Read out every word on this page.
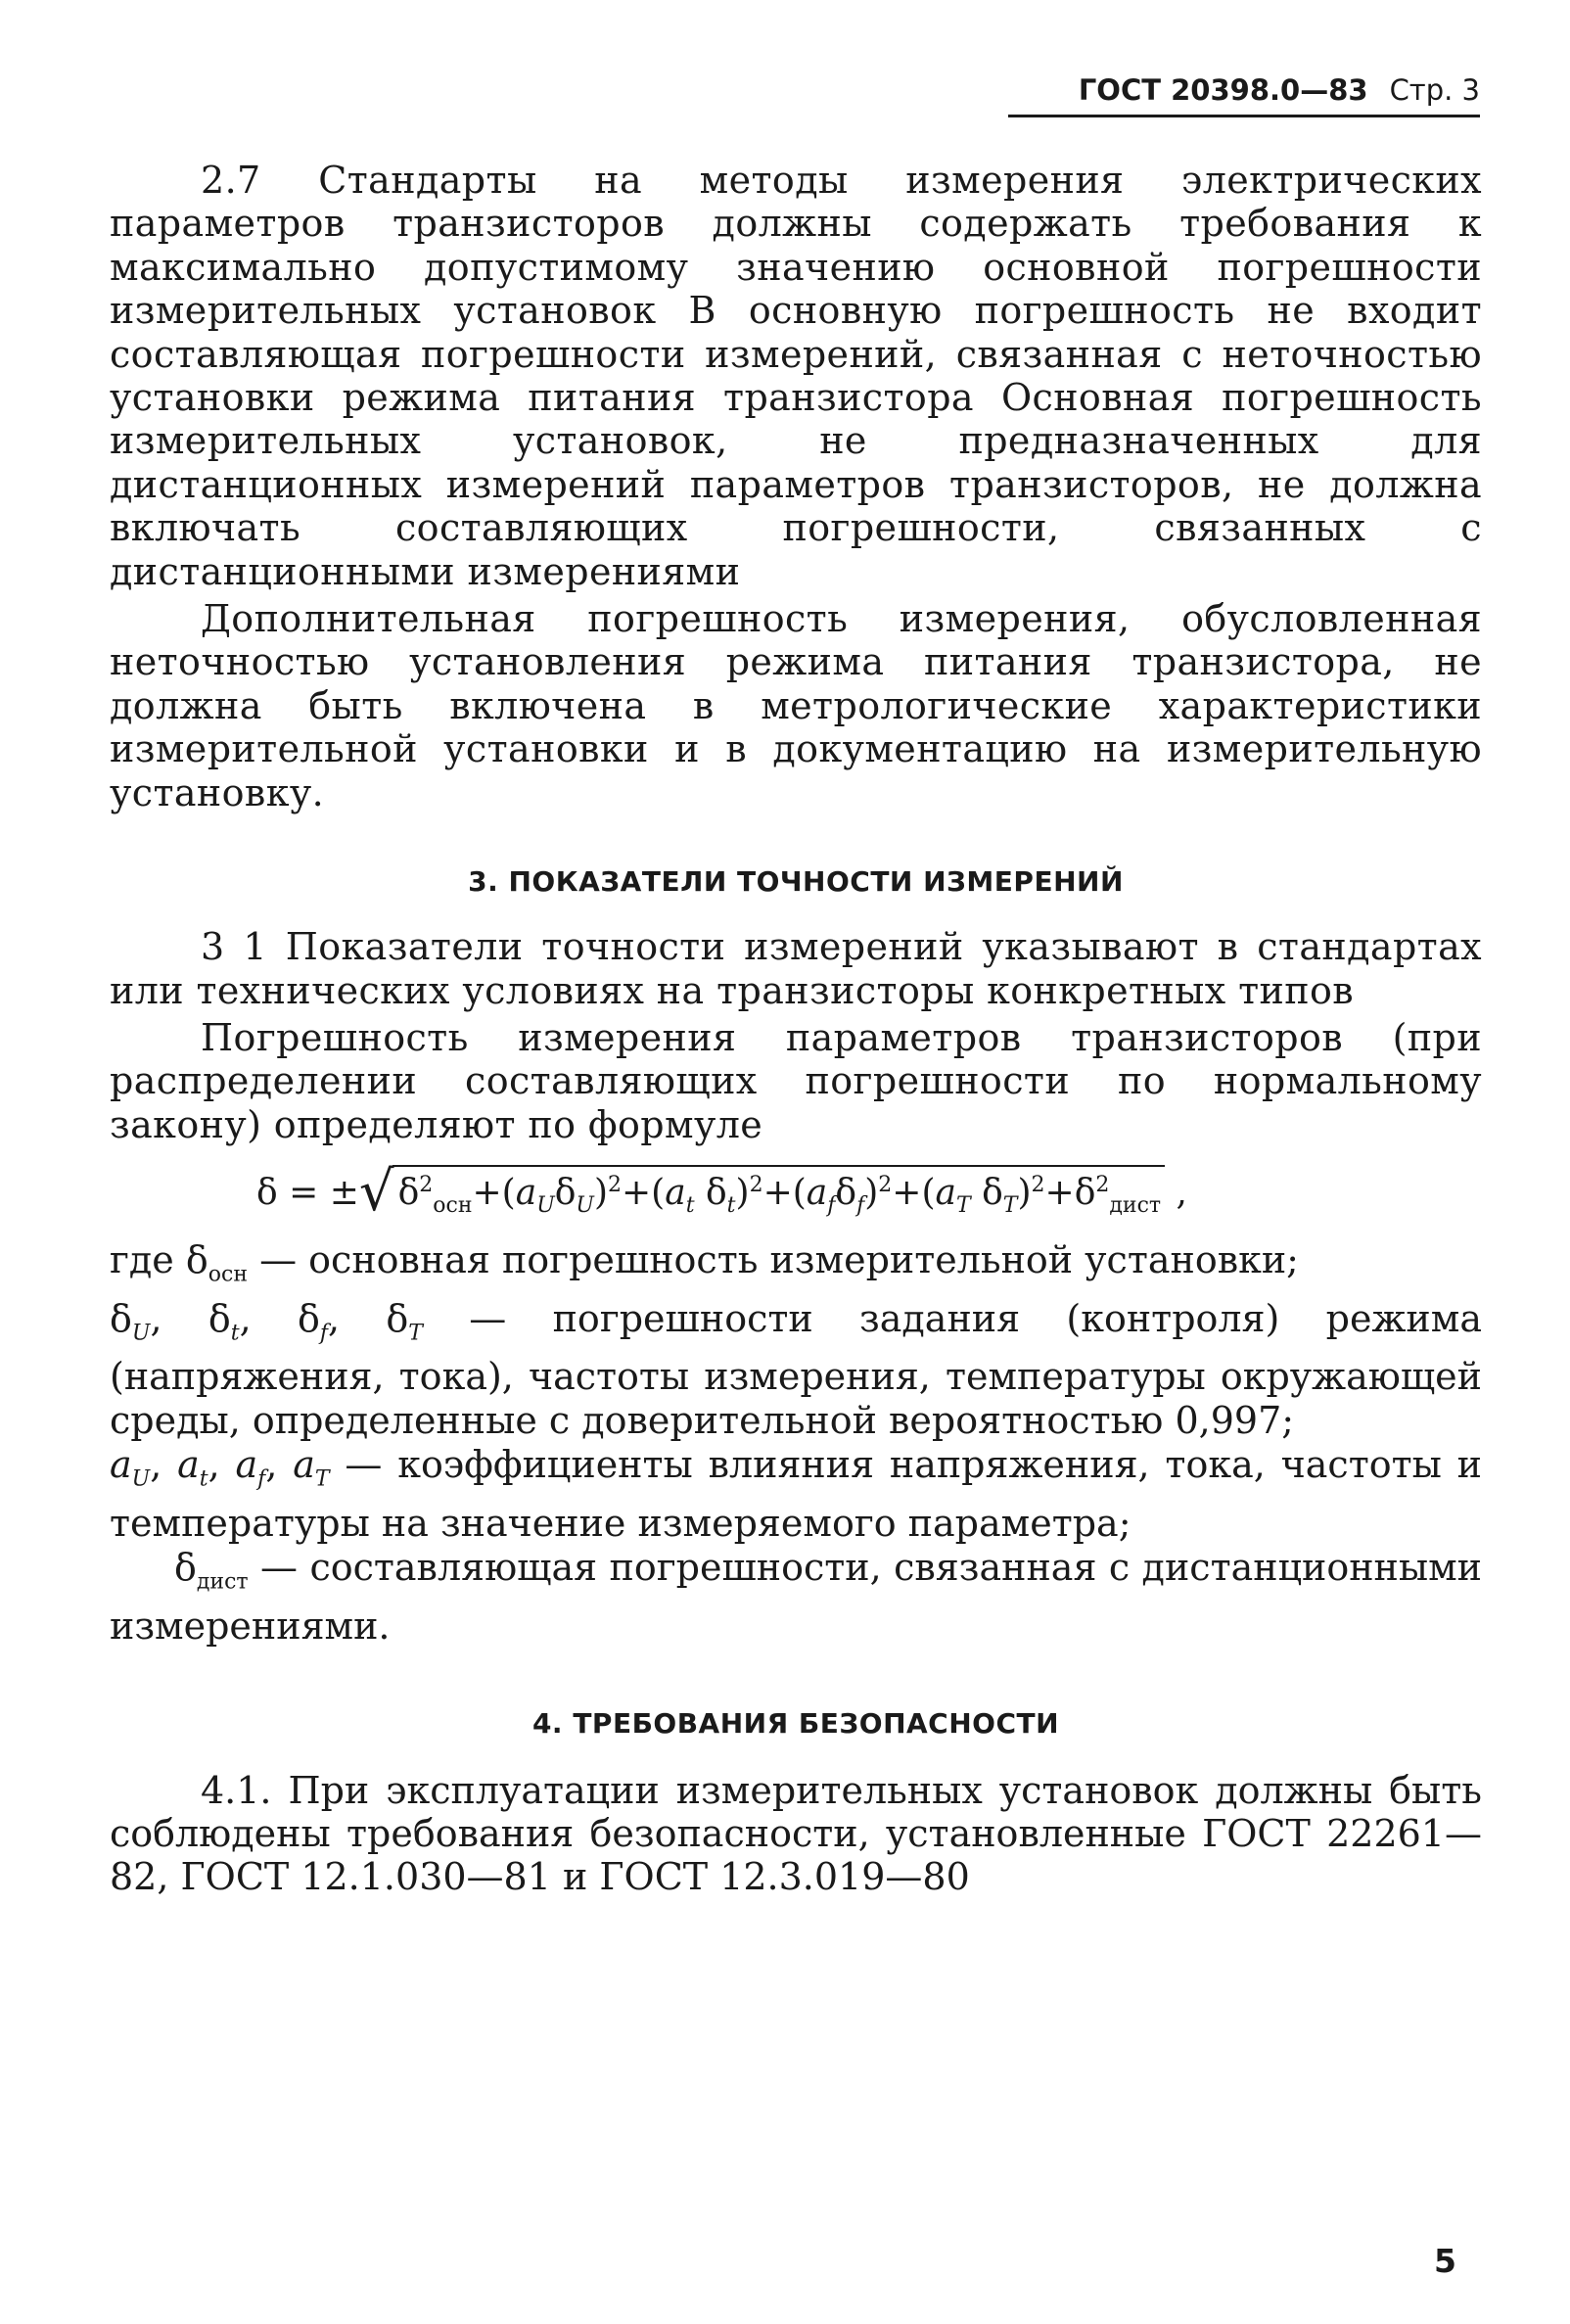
ГОСТ 20398.0—83 Стр. 3

2.7 Стандарты на методы измерения электрических параметров транзисторов должны содержать требования к максимально допустимому значению основной погрешности измерительных установок В основную погрешность не входит составляющая погрешности измерений, связанная с неточностью установки режима питания транзистора Основная погрешность измерительных установок, не предназначенных для дистанционных измерений параметров транзисторов, не должна включать составляющих погрешности, связанных с дистанционными измерениями

Дополнительная погрешность измерения, обусловленная неточностью установления режима питания транзистора, не должна быть включена в метрологические характеристики измерительной установки и в документацию на измерительную установку.

3. ПОКАЗАТЕЛИ ТОЧНОСТИ ИЗМЕРЕНИЙ

3 1 Показатели точности измерений указывают в стандартах или технических условиях на транзисторы конкретных типов

Погрешность измерения параметров транзисторов (при распределении составляющих погрешности по нормальному закону) определяют по формуле

δ = ±√ $\delta^2_{осн}+(a_U\delta_U)^2+(a_t$ $\delta_t)^2+(a_f\delta_f)^2+(a_T$ $\delta_T)^2+\delta^2_{дист}$ ,

где $\delta_{осн}$ — основная погрешность измерительной установки;

$\delta_U$, $\delta_t$, $\delta_f$, $\delta_T$ — погрешности задания (контроля) режима (напряжения, тока), частоты измерения, температуры окружающей среды, определенные с доверительной вероятностью 0,997;

$a_U$, $a_t$, $a_f$, $a_T$ — коэффициенты влияния напряжения, тока, частоты и температуры на значение измеряемого параметра;

$\delta_{дист}$ — составляющая погрешности, связанная с дистанционными измерениями.

4. ТРЕБОВАНИЯ БЕЗОПАСНОСТИ

4.1. При эксплуатации измерительных установок должны быть соблюдены требования безопасности, установленные ГОСТ 22261—82, ГОСТ 12.1.030—81 и ГОСТ 12.3.019—80

5
